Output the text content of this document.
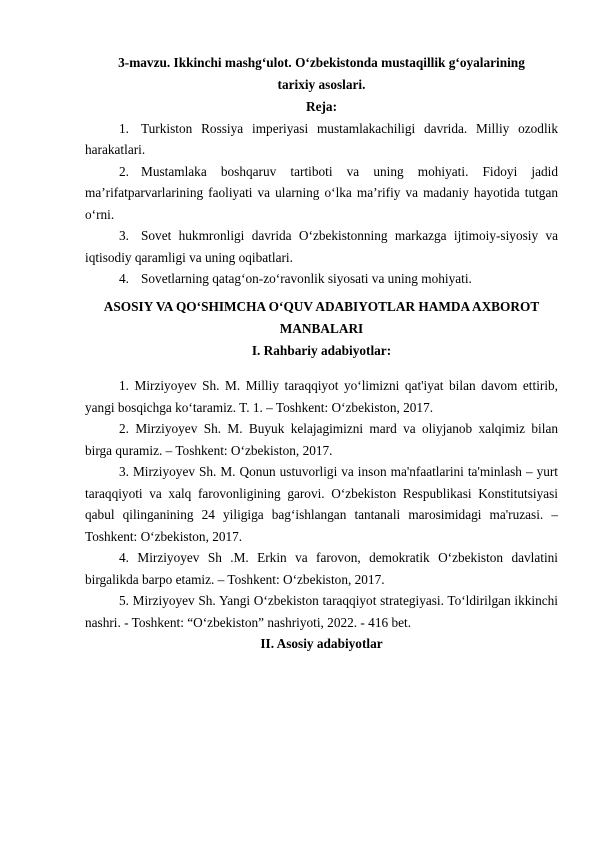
3-mavzu. Ikkinchi mashg‘ulot. O‘zbekistonda mustaqillik g‘oyalarining
tarixiy asoslari.
Reja:
1. Turkiston Rossiya imperiyasi mustamlakachiligi davrida. Milliy ozodlik harakatlari.
2. Mustamlaka boshqaruv tartiboti va uning mohiyati. Fidoyi jadid ma’rifatparvarlarining faoliyati va ularning o‘lka ma’rifiy va madaniy hayotida tutgan o‘rni.
3. Sovet hukmronligi davrida O‘zbekistonning markazga ijtimoiy-siyosiy va iqtisodiy qaramligi va uning oqibatlari.
4. Sovetlarning qatag‘on-zo‘ravonlik siyosati va uning mohiyati.
ASOSIY VA QO‘SHIMCHA O‘QUV ADABIYOTLAR HAMDA AXBOROT
MANBALARI
I. Rahbariy adabiyotlar:
1. Mirziyoyev Sh. M. Milliy taraqqiyot yo‘limizni qat'iyat bilan davom ettirib, yangi bosqichga ko‘taramiz. T. 1. – Toshkent: O‘zbekiston, 2017.
2. Mirziyoyev Sh. M. Buyuk kelajagimizni mard va oliyjanob xalqimiz bilan birga quramiz. – Toshkent: O‘zbekiston, 2017.
3. Mirziyoyev Sh. M. Qonun ustuvorligi va inson ma'nfaatlarini ta'minlash – yurt taraqqiyoti va xalq farovonligining garovi. O‘zbekiston Respublikasi Konstitutsiyasi qabul qilinganining 24 yiligiga bag‘ishlangan tantanali marosimidagi ma'ruzasi. – Toshkent: O‘zbekiston, 2017.
4. Mirziyoyev Sh .M. Erkin va farovon, demokratik O‘zbekiston davlatini birgalikda barpo etamiz. – Toshkent: O‘zbekiston, 2017.
5. Mirziyoyev Sh. Yangi O‘zbekiston taraqqiyot strategiyasi. To‘ldirilgan ikkinchi nashri. - Toshkent: “O‘zbekiston” nashriyoti, 2022. - 416 bet.
II. Asosiy adabiyotlar
